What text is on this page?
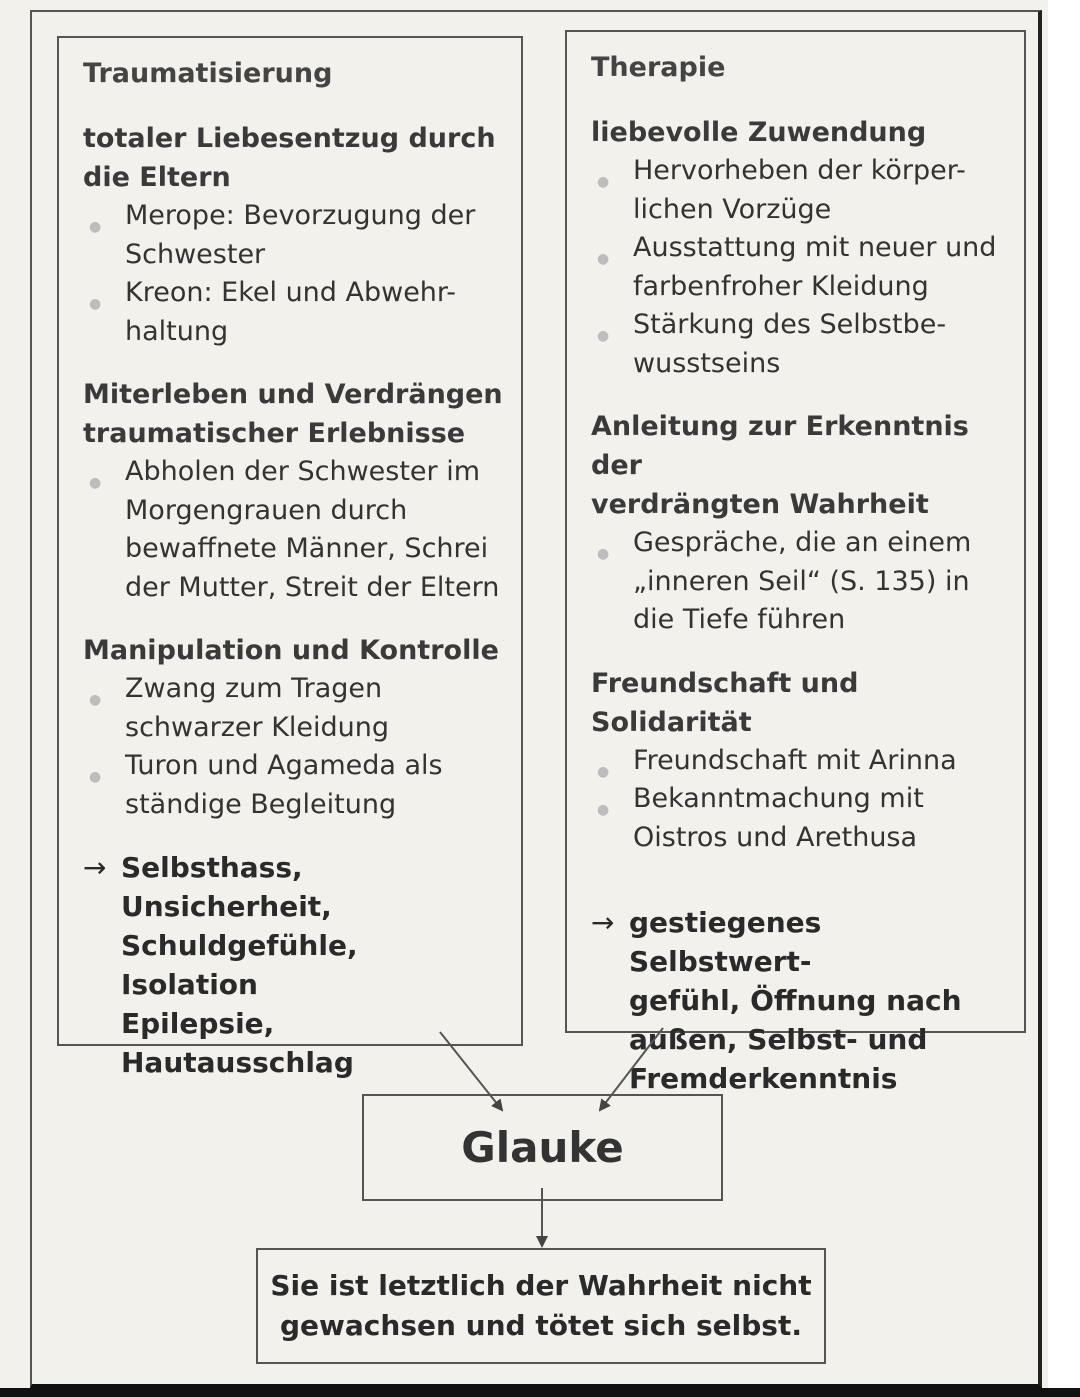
Traumatisierung
totaler Liebesentzug durch
die Eltern
● Merope: Bevorzugung der
Schwester
● Kreon: Ekel und Abwehr-
haltung
Miterleben und Verdrängen
traumatischer Erlebnisse
● Abholen der Schwester im
Morgengrauen durch
bewaffnete Männer, Schrei
der Mutter, Streit der Eltern
Manipulation und Kontrolle
● Zwang zum Tragen
schwarzer Kleidung
● Turon und Agameda als
ständige Begleitung
→ Selbsthass, Unsicherheit,
Schuldgefühle, Isolation
Epilepsie, Hautausschlag
Therapie
liebevolle Zuwendung
● Hervorheben der körper-
lichen Vorzüge
● Ausstattung mit neuer und
farbenfroher Kleidung
● Stärkung des Selbstbe-
wusstseins
Anleitung zur Erkenntnis der
verdrängten Wahrheit
● Gespräche, die an einem
„inneren Seil“ (S. 135) in
die Tiefe führen
Freundschaft und Solidarität
● Freundschaft mit Arinna
● Bekanntmachung mit
Oistros und Arethusa
→ gestiegenes Selbstwert-
gefühl, Öffnung nach
außen, Selbst- und
Fremderkenntnis
Glauke
Sie ist letztlich der Wahrheit nicht
gewachsen und tötet sich selbst.
